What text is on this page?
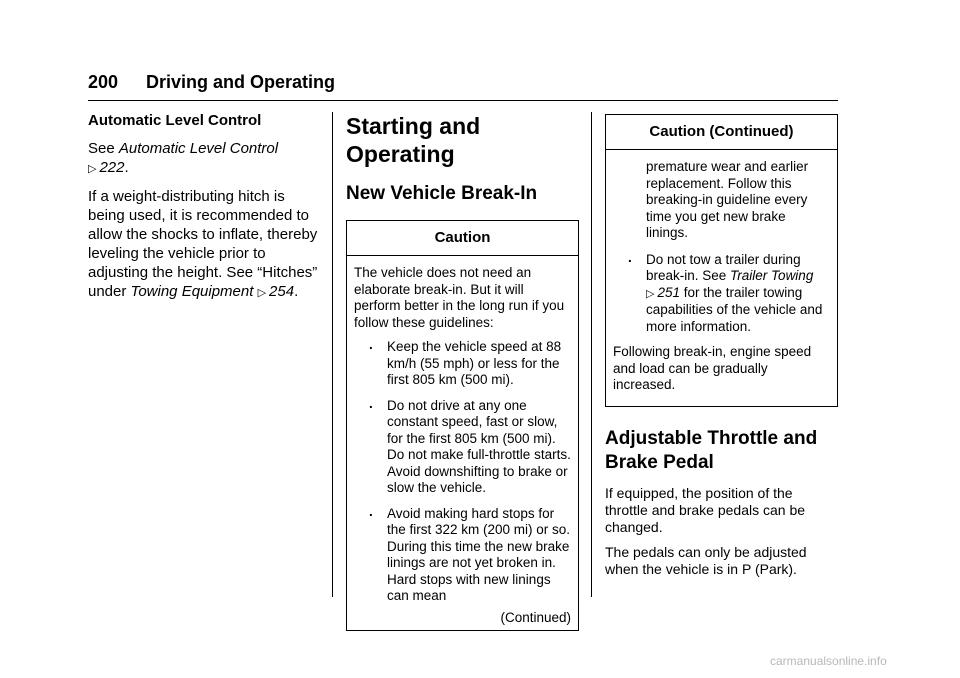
200 Driving and Operating
Automatic Level Control

See Automatic Level Control
▷ 222.

If a weight-distributing hitch is being used, it is recommended to allow the shocks to inflate, thereby leveling the vehicle prior to adjusting the height. See “Hitches” under Towing Equipment ▷ 254.

Starting and Operating
New Vehicle Break-In
Caution

The vehicle does not need an elaborate break-in. But it will perform better in the long run if you follow these guidelines:

. Keep the vehicle speed at 88 km/h (55 mph) or less for the first 805 km (500 mi).
. Do not drive at any one constant speed, fast or slow, for the first 805 km (500 mi). Do not make full-throttle starts. Avoid downshifting to brake or slow the vehicle.
. Avoid making hard stops for the first 322 km (200 mi) or so. During this time the new brake linings are not yet broken in. Hard stops with new linings can mean
(Continued)
Caution (Continued)
premature wear and earlier replacement. Follow this breaking-in guideline every time you get new brake linings.
. Do not tow a trailer during break-in. See Trailer Towing
▷ 251 for the trailer towing capabilities of the vehicle and more information.

Following break-in, engine speed and load can be gradually increased.

Adjustable Throttle and Brake Pedal

If equipped, the position of the throttle and brake pedals can be changed.

The pedals can only be adjusted when the vehicle is in P (Park).

carmanualsonline.info
